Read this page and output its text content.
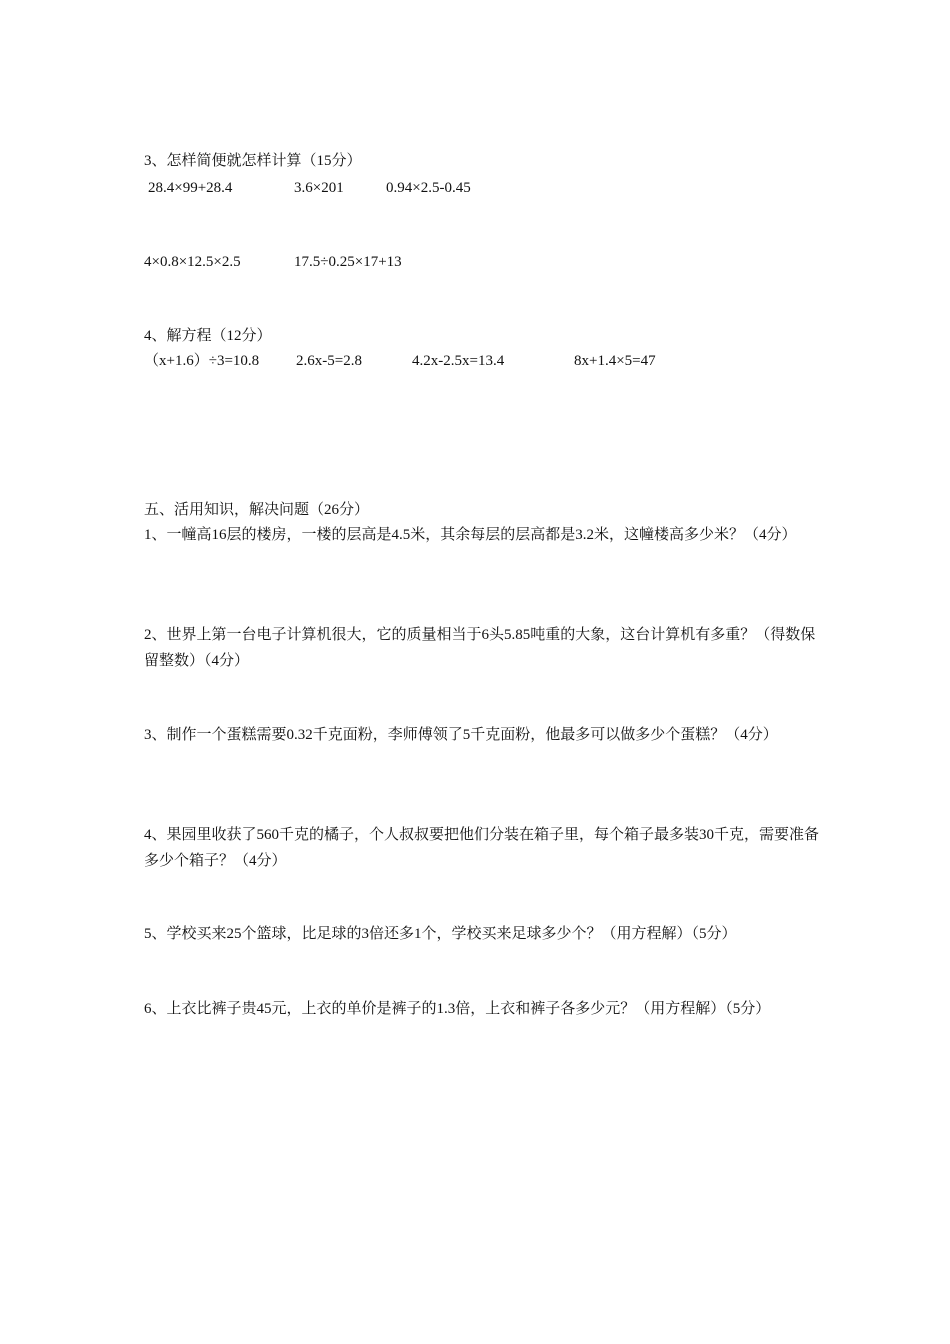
3、怎样简便就怎样计算（15分）
28.4×99+28.4	3.6×201	0.94×2.5-0.45
4×0.8×12.5×2.5	17.5÷0.25×17+13
4、解方程（12分）
（x+1.6）÷3=10.8 2.6x-5=2.8	4.2x-2.5x=13.4	8x+1.4×5=47
五、活用知识，解决问题（26分）
1、一幢高16层的楼房，一楼的层高是4.5米，其余每层的层高都是3.2米，这幢楼高多少米？（4分）
2、世界上第一台电子计算机很大，它的质量相当于6头5.85吨重的大象，这台计算机有多重？（得数保留整数）（4分）
3、制作一个蛋糕需要0.32千克面粉，李师傅领了5千克面粉，他最多可以做多少个蛋糕？（4分）
4、果园里收获了560千克的橘子，个人叔叔要把他们分装在箱子里，每个箱子最多装30千克，需要准备多少个箱子？（4分）
5、学校买来25个篮球，比足球的3倍还多1个，学校买来足球多少个？（用方程解）（5分）
6、上衣比裤子贵45元，上衣的单价是裤子的1.3倍，上衣和裤子各多少元？（用方程解）（5分）
